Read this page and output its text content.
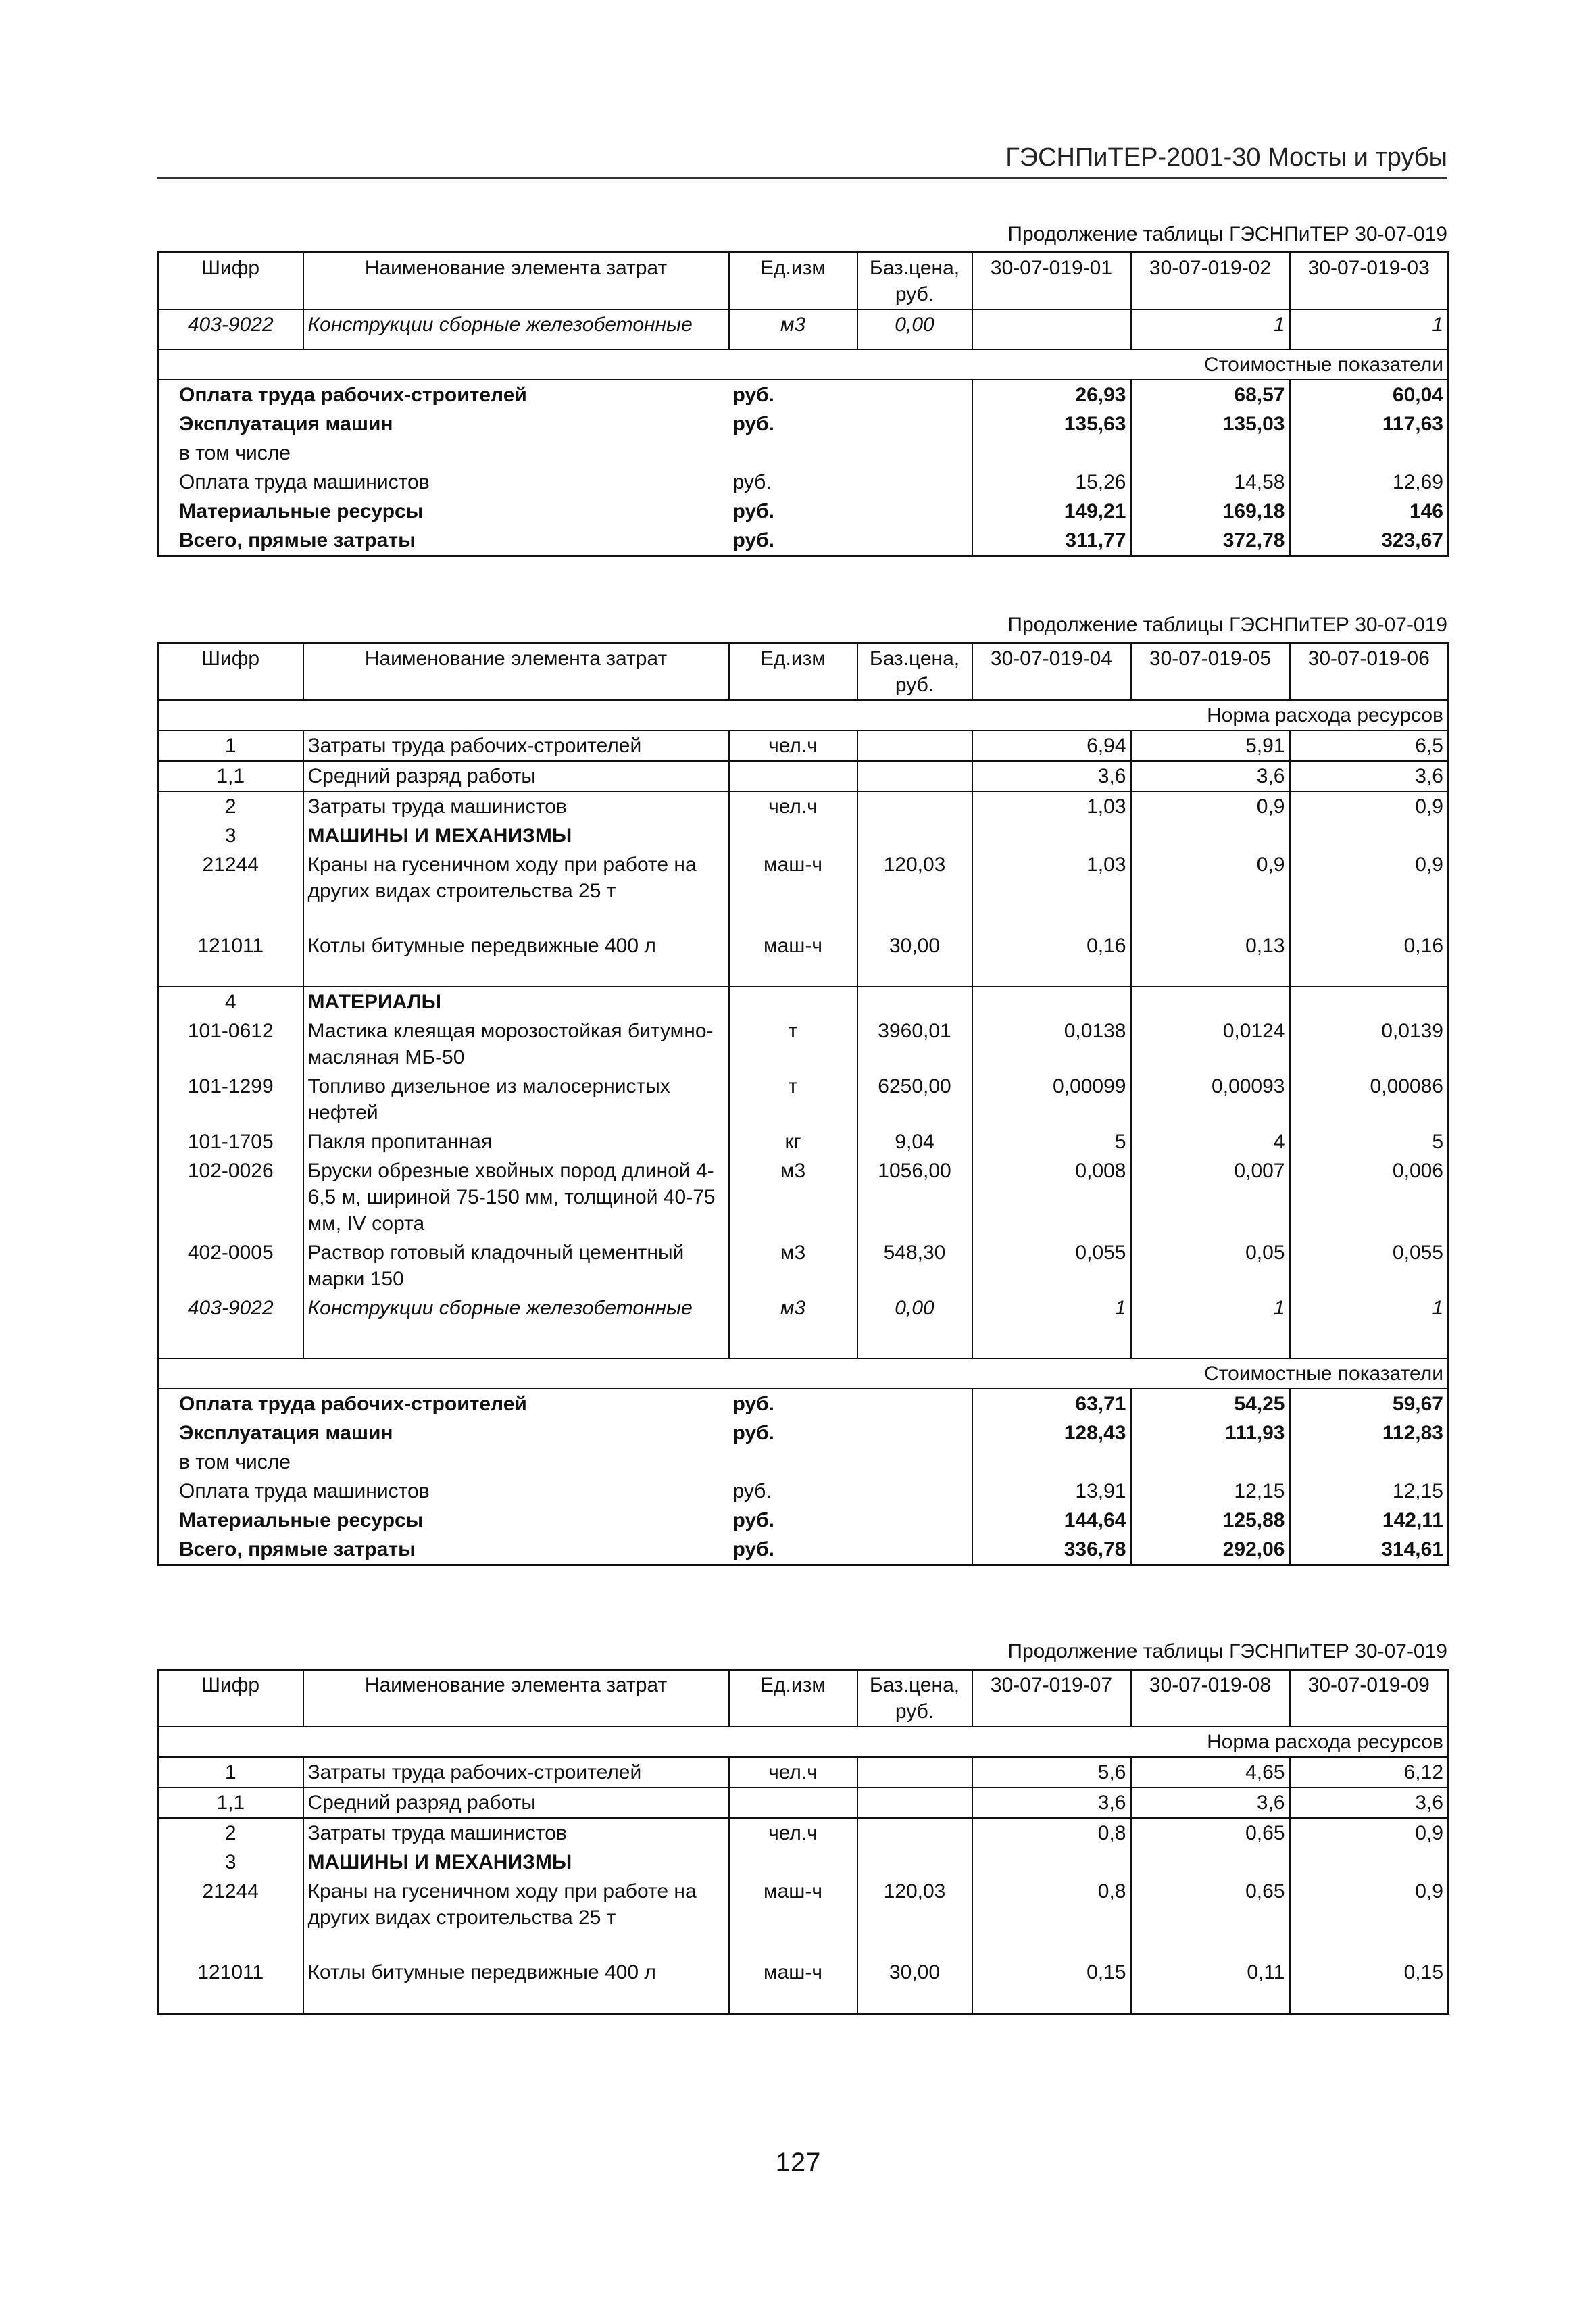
ГЭСНПиТЕР-2001-30 Мосты и трубы
Продолжение таблицы ГЭСНПиТЕР 30-07-019
Шифр	Наименование элемента затрат	Ед.изм	Баз.цена, руб.	30-07-019-01	30-07-019-02	30-07-019-03
403-9022	Конструкции сборные железобетонные	м3	0,00		1	1

Стоимостные показатели						
Оплата труда рабочих-строителей		руб.		26,93	68,57	60,04
Эксплуатация машин		руб.		135,63	135,03	117,63
в том числе						
Оплата труда машинистов		руб.		15,26	14,58	12,69
Материальные ресурсы		руб.		149,21	169,18	146
Всего, прямые затраты		руб.		311,77	372,78	323,67
Продолжение таблицы ГЭСНПиТЕР 30-07-019
Шифр	Наименование элемента затрат	Ед.изм	Баз.цена, руб.	30-07-019-04	30-07-019-05	30-07-019-06
Норма расхода ресурсов						
1	Затраты труда рабочих-строителей	чел.ч		6,94	5,91	6,5
1,1	Средний разряд работы			3,6	3,6	3,6
2	Затраты труда машинистов	чел.ч		1,03	0,9	0,9
3	МАШИНЫ И МЕХАНИЗМЫ					
21244	Краны на гусеничном ходу при работе на других видах строительства 25 т	маш-ч	120,03	1,03	0,9	0,9
121011	Котлы битумные передвижные 400 л	маш-ч	30,00	0,16	0,13	0,16
4	МАТЕРИАЛЫ					
101-0612	Мастика клеящая морозостойкая битумно-масляная МБ-50	т	3960,01	0,0138	0,0124	0,0139
101-1299	Топливо дизельное из малосернистых нефтей	т	6250,00	0,00099	0,00093	0,00086
101-1705	Пакля пропитанная	кг	9,04	5	4	5
102-0026	Бруски обрезные хвойных пород длиной 4-6,5 м, шириной 75-150 мм, толщиной 40-75 мм, IV сорта	м3	1056,00	0,008	0,007	0,006
402-0005	Раствор готовый кладочный цементный марки 150	м3	548,30	0,055	0,05	0,055
403-9022	Конструкции сборные железобетонные	м3	0,00	1	1	1

Стоимостные показатели						
Оплата труда рабочих-строителей		руб.		63,71	54,25	59,67
Эксплуатация машин		руб.		128,43	111,93	112,83
в том числе						
Оплата труда машинистов		руб.		13,91	12,15	12,15
Материальные ресурсы		руб.		144,64	125,88	142,11
Всего, прямые затраты		руб.		336,78	292,06	314,61
Продолжение таблицы ГЭСНПиТЕР 30-07-019
Шифр	Наименование элемента затрат	Ед.изм	Баз.цена, руб.	30-07-019-07	30-07-019-08	30-07-019-09
Норма расхода ресурсов						
1	Затраты труда рабочих-строителей	чел.ч		5,6	4,65	6,12
1,1	Средний разряд работы			3,6	3,6	3,6
2	Затраты труда машинистов	чел.ч		0,8	0,65	0,9
3	МАШИНЫ И МЕХАНИЗМЫ					
21244	Краны на гусеничном ходу при работе на других видах строительства 25 т	маш-ч	120,03	0,8	0,65	0,9
121011	Котлы битумные передвижные 400 л	маш-ч	30,00	0,15	0,11	0,15
127
